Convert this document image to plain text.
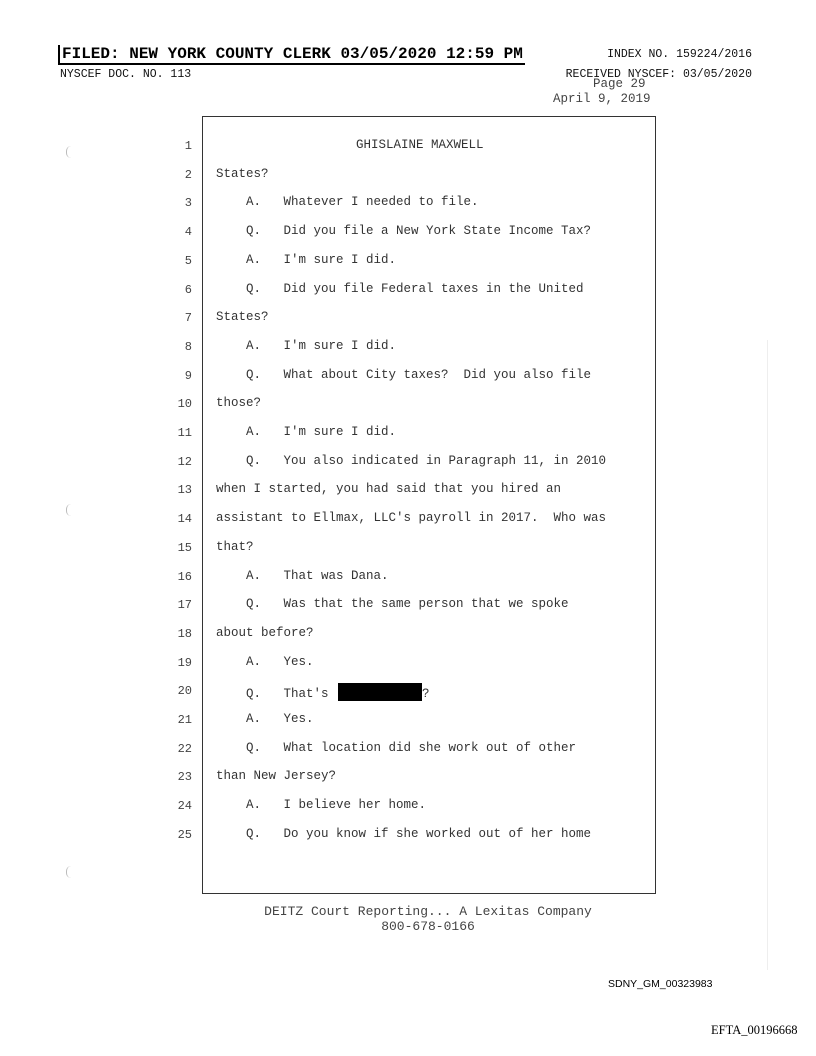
FILED: NEW YORK COUNTY CLERK 03/05/2020 12:59 PM	INDEX NO. 159224/2016
NYSCEF DOC. NO. 113	RECEIVED NYSCEF: 03/05/2020
Page 29
April 9, 2019
1	GHISLAINE MAXWELL
2 States?
3 A.   Whatever I needed to file.
4 Q.   Did you file a New York State Income Tax?
5 A.   I'm sure I did.
6 Q.   Did you file Federal taxes in the United
7 States?
8 A.   I'm sure I did.
9 Q.   What about City taxes?  Did you also file
10 those?
11 A.   I'm sure I did.
12 Q.   You also indicated in Paragraph 11, in 2010
13 when I started, you had said that you hired an
14 assistant to Ellmax, LLC's payroll in 2017.  Who was
15 that?
16 A.   That was Dana.
17 Q.   Was that the same person that we spoke
18 about before?
19 A.   Yes.
20 Q.   That's	?
21 A.   Yes.
22 Q.   What location did she work out of other
23 than New Jersey?
24 A.   I believe her home.
25 Q.   Do you know if she worked out of her home
DEITZ Court Reporting... A Lexitas Company
800-678-0166
SDNY_GM_00323983
EFTA_00196668
